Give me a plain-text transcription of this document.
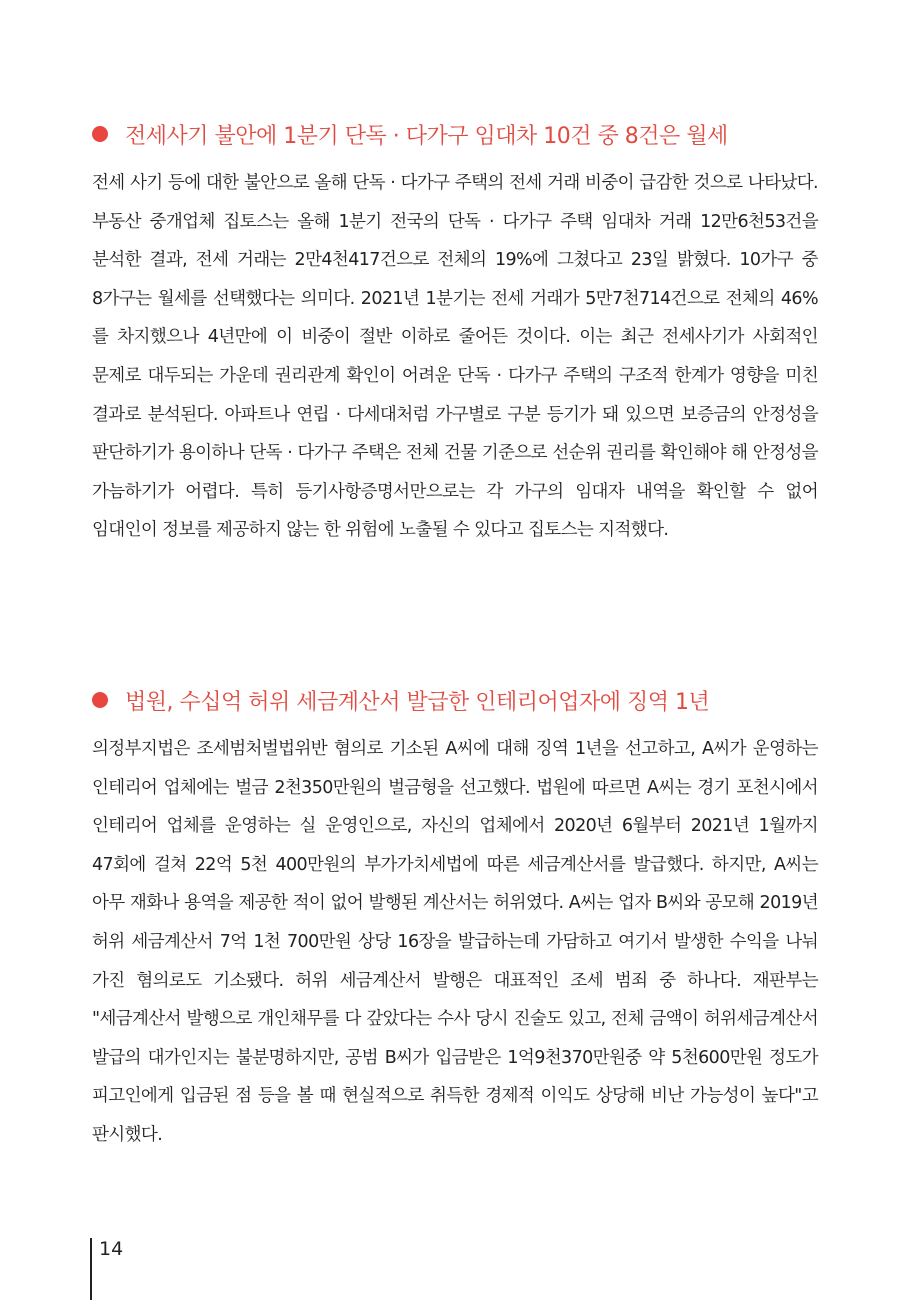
전세사기 불안에 1분기 단독 · 다가구 임대차 10건 중 8건은 월세

전세 사기 등에 대한 불안으로 올해 단독 · 다가구 주택의 전세 거래 비중이 급감한 것으로 나타났다. 부동산 중개업체 집토스는 올해 1분기 전국의 단독 · 다가구 주택 임대차 거래 12만6천53건을 분석한 결과, 전세 거래는 2만4천417건으로 전체의 19%에 그쳤다고 23일 밝혔다. 10가구 중 8가구는 월세를 선택했다는 의미다. 2021년 1분기는 전세 거래가 5만7천714건으로 전체의 46%를 차지했으나 4년만에 이 비중이 절반 이하로 줄어든 것이다. 이는 최근 전세사기가 사회적인 문제로 대두되는 가운데 권리관계 확인이 어려운 단독 · 다가구 주택의 구조적 한계가 영향을 미친 결과로 분석된다. 아파트나 연립 · 다세대처럼 가구별로 구분 등기가 돼 있으면 보증금의 안정성을 판단하기가 용이하나 단독 · 다가구 주택은 전체 건물 기준으로 선순위 권리를 확인해야 해 안정성을 가늠하기가 어렵다. 특히 등기사항증명서만으로는 각 가구의 임대자 내역을 확인할 수 없어 임대인이 정보를 제공하지 않는 한 위험에 노출될 수 있다고 집토스는 지적했다.

법원, 수십억 허위 세금계산서 발급한 인테리어업자에 징역 1년

의정부지법은 조세범처벌법위반 혐의로 기소된 A씨에 대해 징역 1년을 선고하고, A씨가 운영하는 인테리어 업체에는 벌금 2천350만원의 벌금형을 선고했다. 법원에 따르면 A씨는 경기 포천시에서 인테리어 업체를 운영하는 실 운영인으로, 자신의 업체에서 2020년 6월부터 2021년 1월까지 47회에 걸쳐 22억 5천 400만원의 부가가치세법에 따른 세금계산서를 발급했다. 하지만, A씨는 아무 재화나 용역을 제공한 적이 없어 발행된 계산서는 허위였다. A씨는 업자 B씨와 공모해 2019년 허위 세금계산서 7억 1천 700만원 상당 16장을 발급하는데 가담하고 여기서 발생한 수익을 나눠 가진 혐의로도 기소됐다. 허위 세금계산서 발행은 대표적인 조세 범죄 중 하나다. 재판부는 "세금계산서 발행으로 개인채무를 다 갚았다는 수사 당시 진술도 있고, 전체 금액이 허위세금계산서 발급의 대가인지는 불분명하지만, 공범 B씨가 입금받은 1억9천370만원중 약 5천600만원 정도가 피고인에게 입금된 점 등을 볼 때 현실적으로 취득한 경제적 이익도 상당해 비난 가능성이 높다"고 판시했다.

14
